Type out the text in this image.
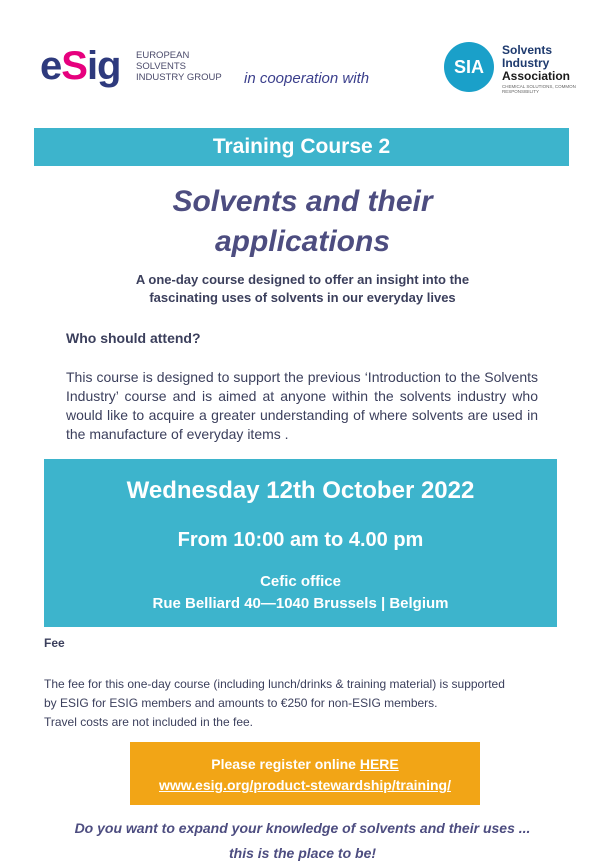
eSig EUROPEAN SOLVENTS INDUSTRY GROUP	in cooperation with
SIA
Solvents
Industry
Association
CHEMICAL SOLUTIONS, COMMON RESPONSIBILITY
Training Course 2
Solvents and their
applications
A one-day course designed to offer an insight into the
fascinating uses of solvents in our everyday lives
Who should attend?
This course is designed to support the previous ‘Introduction to the Solvents Industry’ course and is aimed at anyone within the solvents industry who would like to acquire a greater understanding of where solvents are used in the manufacture of everyday items .
Wednesday 12th October 2022
From 10:00 am to 4.00 pm
Cefic office
Rue Belliard 40—1040 Brussels | Belgium
Fee
The fee for this one-day course (including lunch/drinks & training material) is supported
by ESIG for ESIG members and amounts to €250 for non-ESIG members.
Travel costs are not included in the fee.
Please register online HERE
www.esig.org/product-stewardship/training/
Do you want to expand your knowledge of solvents and their uses ...
this is the place to be!
